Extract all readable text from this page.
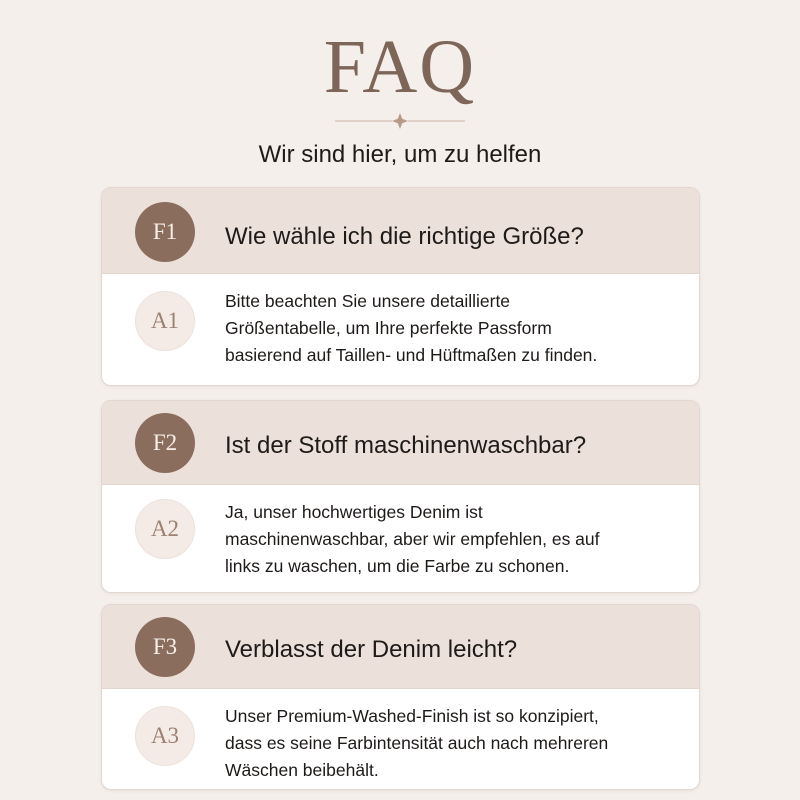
FAQ
Wir sind hier, um zu helfen
F1	Wie wähle ich die richtige Größe?
A1
Bitte beachten Sie unsere detaillierte
Größentabelle, um Ihre perfekte Passform
basierend auf Taillen- und Hüftmaßen zu finden.
F2	Ist der Stoff maschinenwaschbar?
A2
Ja, unser hochwertiges Denim ist
maschinenwaschbar, aber wir empfehlen, es auf
links zu waschen, um die Farbe zu schonen.
F3	Verblasst der Denim leicht?
A3
Unser Premium-Washed-Finish ist so konzipiert,
dass es seine Farbintensität auch nach mehreren
Wäschen beibehält.
